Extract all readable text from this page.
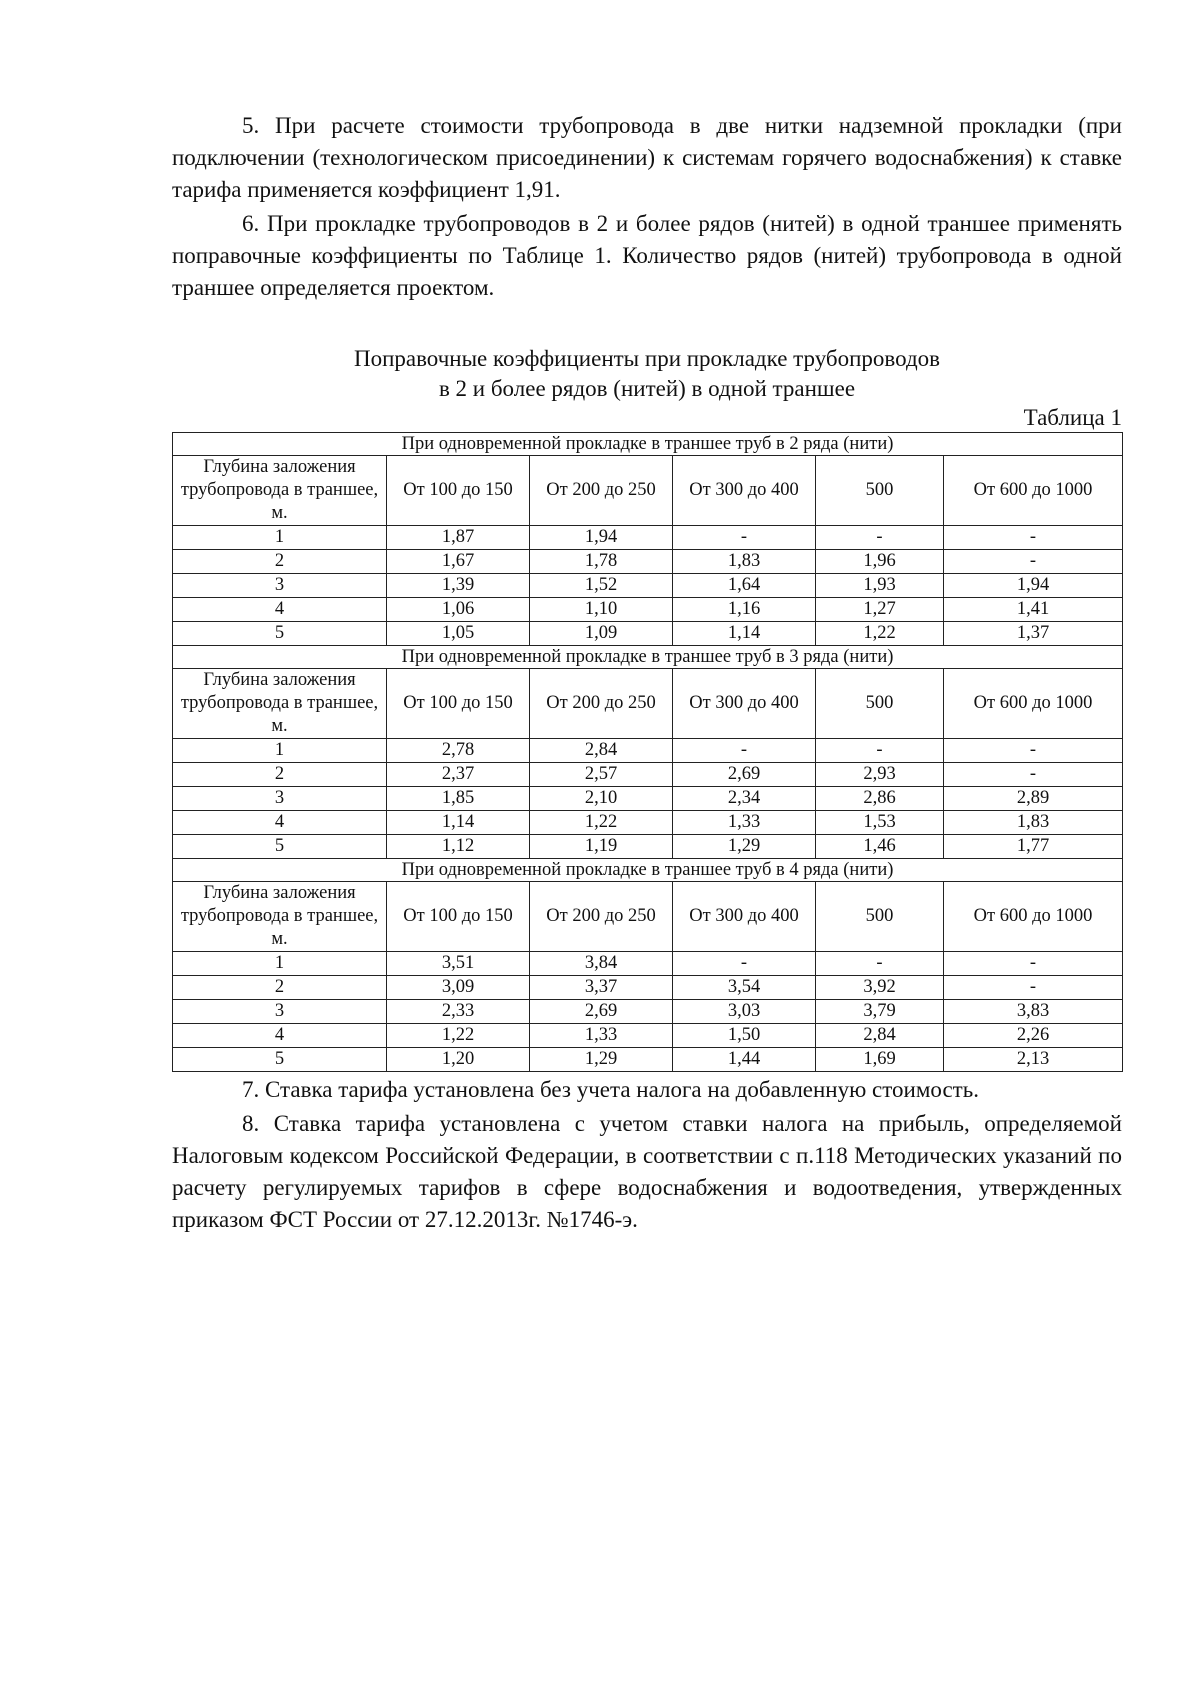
5. При расчете стоимости трубопровода в две нитки надземной прокладки (при подключении (технологическом присоединении) к системам горячего водоснабжения) к ставке тарифа применяется коэффициент 1,91.

6. При прокладке трубопроводов в 2 и более рядов (нитей) в одной траншее применять поправочные коэффициенты по Таблице 1. Количество рядов (нитей) трубопровода в одной траншее определяется проектом.

Поправочные коэффициенты при прокладке трубопроводов
в 2 и более рядов (нитей) в одной траншее
Таблица 1
При одновременной прокладке в траншее труб в 2 ряда (нити)					
Глубина заложения трубопровода в траншее, м.	От 100 до 150	От 200 до 250	От 300 до 400	500	От 600 до 1000
1	1,87	1,94	-	-	-
2	1,67	1,78	1,83	1,96	-
3	1,39	1,52	1,64	1,93	1,94
4	1,06	1,10	1,16	1,27	1,41
5	1,05	1,09	1,14	1,22	1,37
При одновременной прокладке в траншее труб в 3 ряда (нити)					
Глубина заложения трубопровода в траншее, м.	От 100 до 150	От 200 до 250	От 300 до 400	500	От 600 до 1000
1	2,78	2,84	-	-	-
2	2,37	2,57	2,69	2,93	-
3	1,85	2,10	2,34	2,86	2,89
4	1,14	1,22	1,33	1,53	1,83
5	1,12	1,19	1,29	1,46	1,77
При одновременной прокладке в траншее труб в 4 ряда (нити)					
Глубина заложения трубопровода в траншее, м.	От 100 до 150	От 200 до 250	От 300 до 400	500	От 600 до 1000
1	3,51	3,84	-	-	-
2	3,09	3,37	3,54	3,92	-
3	2,33	2,69	3,03	3,79	3,83
4	1,22	1,33	1,50	2,84	2,26
5	1,20	1,29	1,44	1,69	2,13

7. Ставка тарифа установлена без учета налога на добавленную стоимость.

8. Ставка тарифа установлена с учетом ставки налога на прибыль, определяемой Налоговым кодексом Российской Федерации, в соответствии с п.118 Методических указаний по расчету регулируемых тарифов в сфере водоснабжения и водоотведения, утвержденных приказом ФСТ России от 27.12.2013г. №1746-э.
